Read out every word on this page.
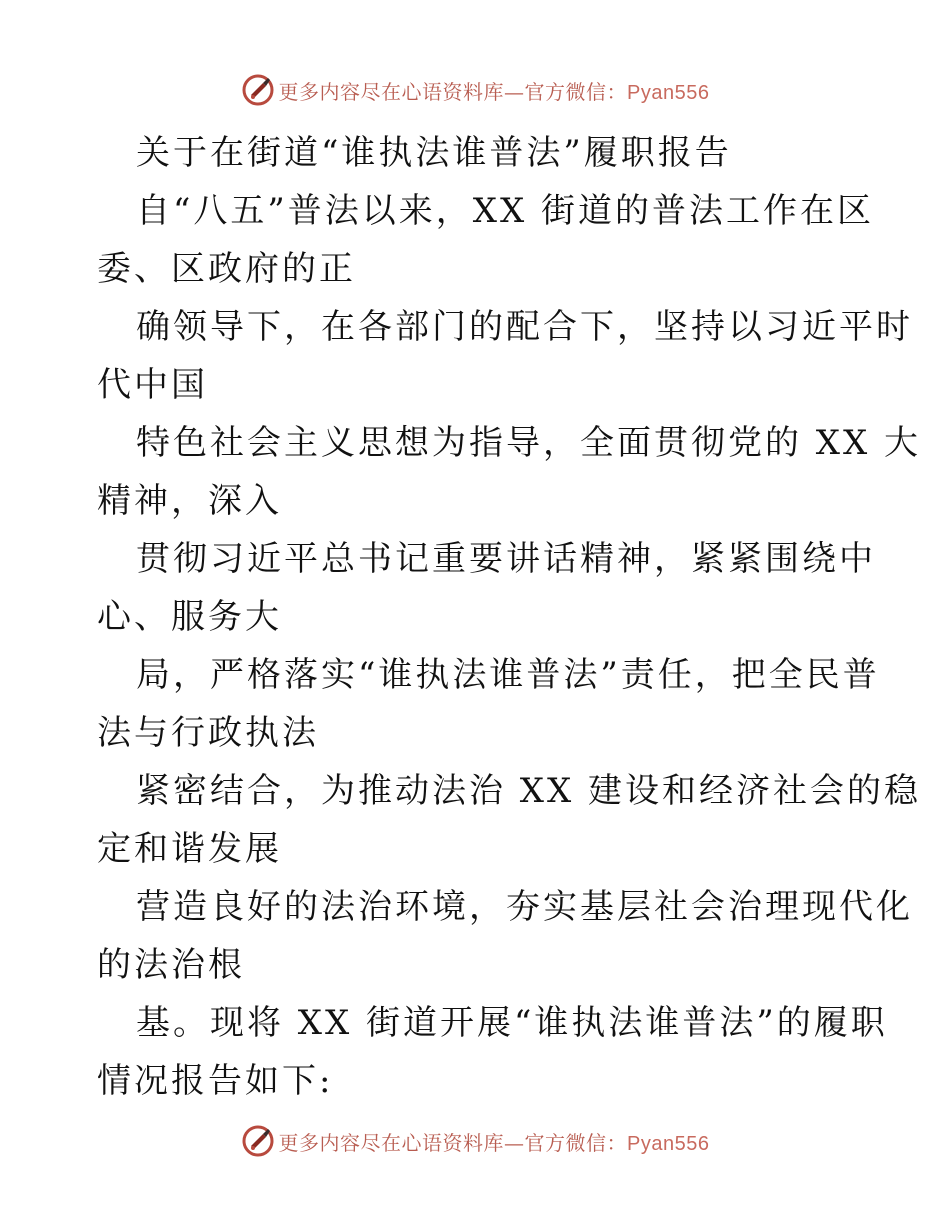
更多内容尽在心语资料库—官方微信：Pyan556
关于在街道“谁执法谁普法”履职报告
自“八五”普法以来，XX 街道的普法工作在区
委、区政府的正
确领导下，在各部门的配合下，坚持以习近平时
代中国
特色社会主义思想为指导，全面贯彻党的 XX 大
精神，深入
贯彻习近平总书记重要讲话精神，紧紧围绕中
心、服务大
局，严格落实“谁执法谁普法”责任，把全民普
法与行政执法
紧密结合，为推动法治 XX 建设和经济社会的稳
定和谐发展
营造良好的法治环境，夯实基层社会治理现代化
的法治根
基。现将 XX 街道开展“谁执法谁普法”的履职
情况报告如下:
更多内容尽在心语资料库—官方微信：Pyan556
